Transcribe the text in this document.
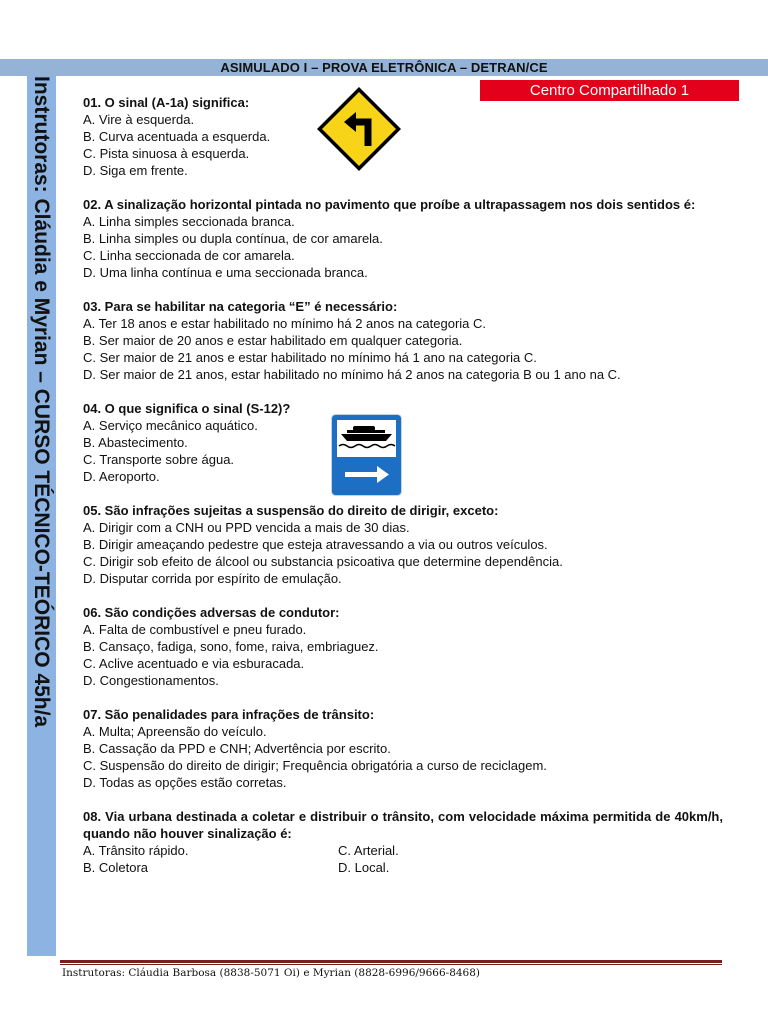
ASIMULADO I – PROVA ELETRÔNICA – DETRAN/CE
Centro Compartilhado 1
Instrutoras: Cláudia e Myrian – CURSO TÉCNICO-TEÓRICO 45h/a 01. O sinal (A-1a) significa:

A. Vire à esquerda.

B. Curva acentuada a esquerda.

C. Pista sinuosa à esquerda.

D. Siga em frente.

02. A sinalização horizontal pintada no pavimento que proíbe a ultrapassagem nos dois sentidos é:

A. Linha simples seccionada branca.

B. Linha simples ou dupla contínua, de cor amarela.

C. Linha seccionada de cor amarela.

D. Uma linha contínua e uma seccionada branca.

03. Para se habilitar na categoria “E” é necessário:

A. Ter 18 anos e estar habilitado no mínimo há 2 anos na categoria C.

B. Ser maior de 20 anos e estar habilitado em qualquer categoria.

C. Ser maior de 21 anos e estar habilitado no mínimo há 1 ano na categoria C.

D. Ser maior de 21 anos, estar habilitado no mínimo há 2 anos na categoria B ou 1 ano na C.

04. O que significa o sinal (S-12)?

A. Serviço mecânico aquático.

B. Abastecimento.

C. Transporte sobre água.

D. Aeroporto.

05. São infrações sujeitas a suspensão do direito de dirigir, exceto:

A. Dirigir com a CNH ou PPD vencida a mais de 30 dias.

B. Dirigir ameaçando pedestre que esteja atravessando a via ou outros veículos.

C. Dirigir sob efeito de álcool ou substancia psicoativa que determine dependência.

D. Disputar corrida por espírito de emulação.

06. São condições adversas de condutor:

A. Falta de combustível e pneu furado.

B. Cansaço, fadiga, sono, fome, raiva, embriaguez.

C. Aclive acentuado e via esburacada.

D. Congestionamentos.

07. São penalidades para infrações de trânsito:

A. Multa; Apreensão do veículo.

B. Cassação da PPD e CNH; Advertência por escrito.

C. Suspensão do direito de dirigir; Frequência obrigatória a curso de reciclagem.

D. Todas as opções estão corretas.

08. Via urbana destinada a coletar e distribuir o trânsito, com velocidade máxima permitida de 40km/h, quando não houver sinalização é:

A. Trânsito rápido.	C. Arterial.

B. Coletora	D. Local.

Instrutoras: Cláudia Barbosa (8838-5071 Oi) e Myrian (8828-6996/9666-8468)
